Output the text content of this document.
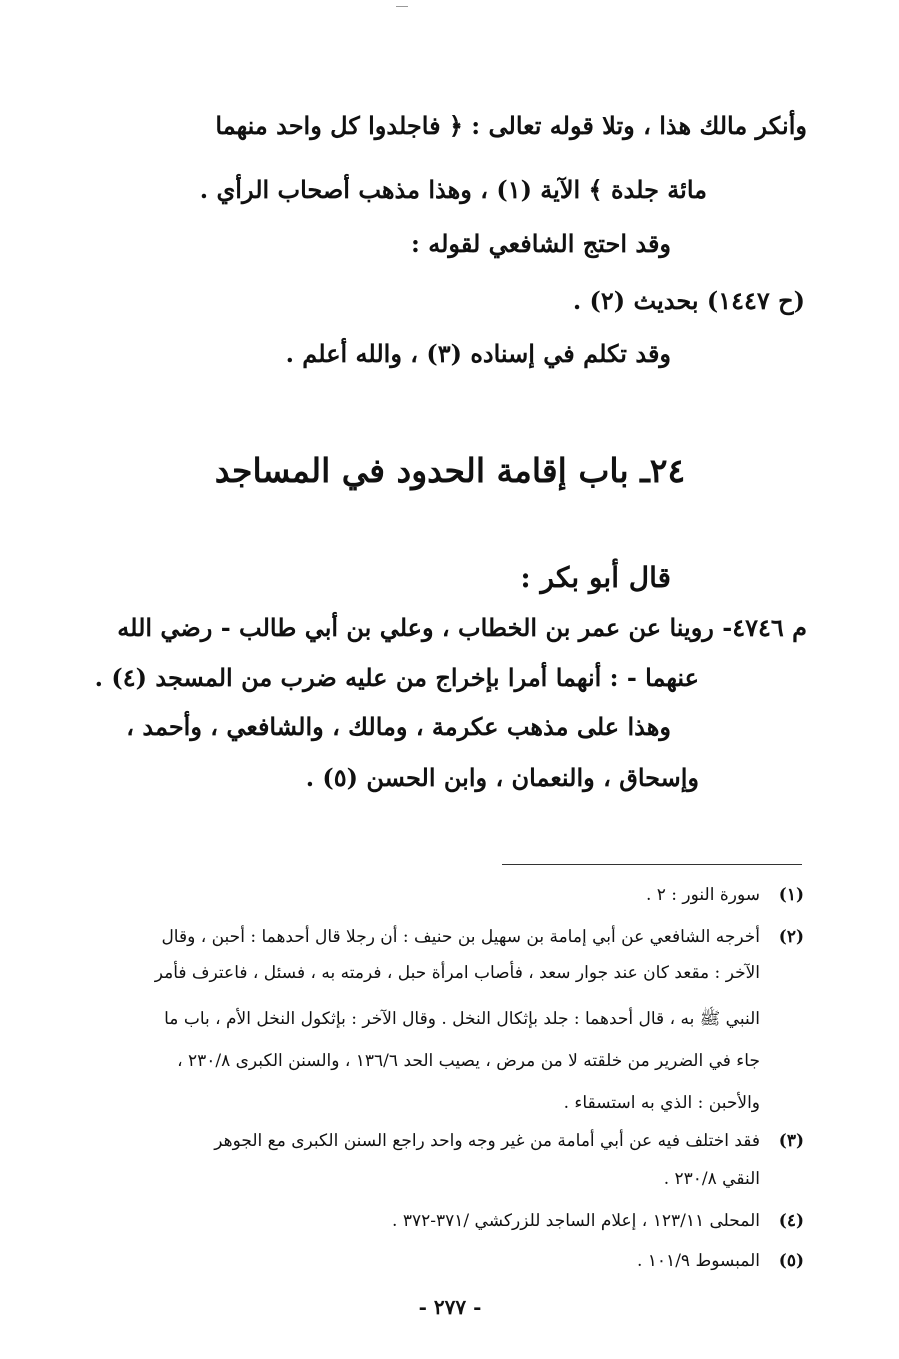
وأنكر مالك هذا ، وتلا قوله تعالى : ﴿ فاجلدوا كل واحد منهما
مائة جلدة ﴾ الآية (١) ، وهذا مذهب أصحاب الرأي .
وقد احتج الشافعي لقوله :
(ح ١٤٤٧) بحديث (٢) .
وقد تكلم في إسناده (٣) ، والله أعلم .
٢٤ـ باب إقامة الحدود في المساجد
قال أبو بكر :
م ٤٧٤٦- روينا عن عمر بن الخطاب ، وعلي بن أبي طالب - رضي الله
عنهما - : أنهما أمرا بإخراج من عليه ضرب من المسجد (٤) .
وهذا على مذهب عكرمة ، ومالك ، والشافعي ، وأحمد ،
وإسحاق ، والنعمان ، وابن الحسن (٥) .
(١)سورة النور : ٢ .
(٢)أخرجه الشافعي عن أبي إمامة بن سهيل بن حنيف : أن رجلا قال أحدهما : أحبن ، وقال
الآخر : مقعد كان عند جوار سعد ، فأصاب امرأة حبل ، فرمته به ، فسئل ، فاعترف فأمر
النبي ﷺ به ، قال أحدهما : جلد بإثكال النخل . وقال الآخر : بإثكول النخل الأم ، باب ما
جاء في الضرير من خلقته لا من مرض ، يصيب الحد ١٣٦/٦ ، والسنن الكبرى ٢٣٠/٨ ،
والأحبن : الذي به استسقاء .
(٣)فقد اختلف فيه عن أبي أمامة من غير وجه واحد راجع السنن الكبرى مع الجوهر
النقي ٢٣٠/٨ .
(٤)المحلى ١٢٣/١١ ، إعلام الساجد للزركشي /٣٧١-٣٧٢ .
(٥)المبسوط ١٠١/٩ .
- ٢٧٧ -
